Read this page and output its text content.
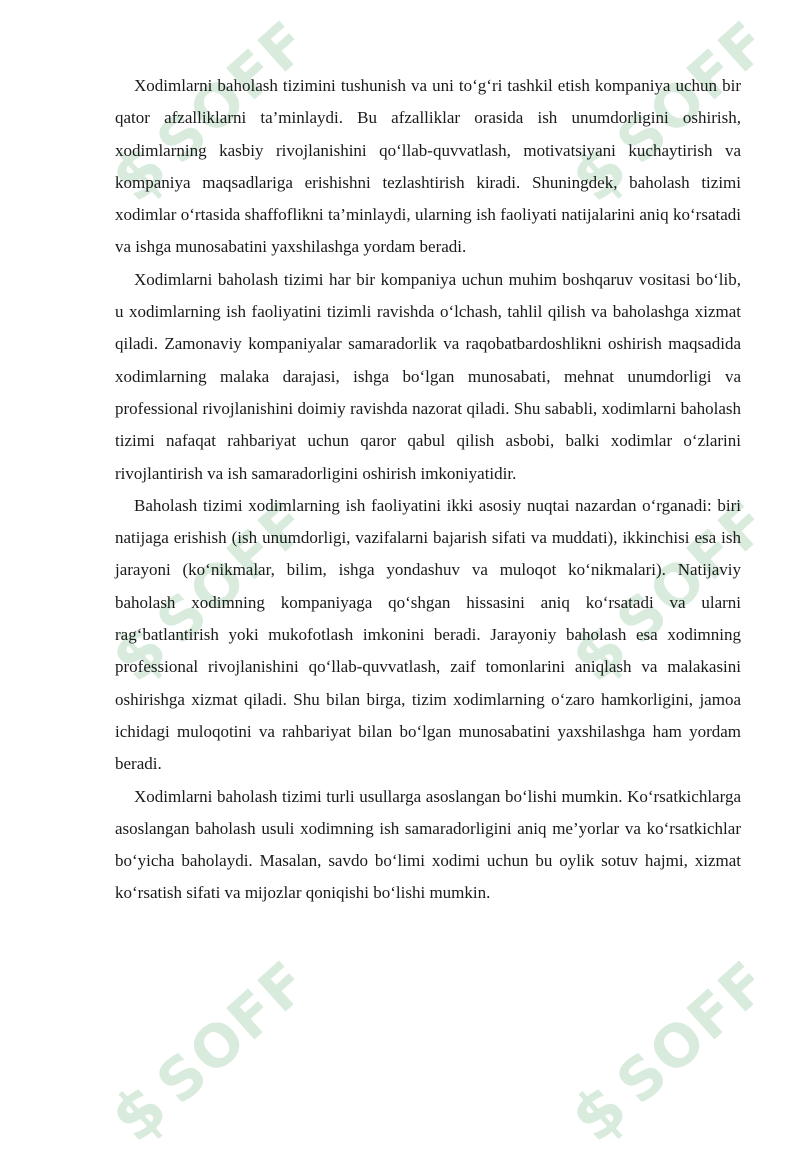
$SOFF	$SOFF
$SOFF	$SOFF
$SOFF	$SOFF

Xodimlarni baholash tizimini tushunish va uni to‘g‘ri tashkil etish kompaniya uchun bir qator afzalliklarni ta’minlaydi. Bu afzalliklar orasida ish unumdorligini oshirish, xodimlarning kasbiy rivojlanishini qo‘llab-quvvatlash, motivatsiyani kuchaytirish va kompaniya maqsadlariga erishishni tezlashtirish kiradi. Shuningdek, baholash tizimi xodimlar o‘rtasida shaffoflikni ta’minlaydi, ularning ish faoliyati natijalarini aniq ko‘rsatadi va ishga munosabatini yaxshilashga yordam beradi.

Xodimlarni baholash tizimi har bir kompaniya uchun muhim boshqaruv vositasi bo‘lib, u xodimlarning ish faoliyatini tizimli ravishda o‘lchash, tahlil qilish va baholashga xizmat qiladi. Zamonaviy kompaniyalar samaradorlik va raqobatbardoshlikni oshirish maqsadida xodimlarning malaka darajasi, ishga bo‘lgan munosabati, mehnat unumdorligi va professional rivojlanishini doimiy ravishda nazorat qiladi. Shu sababli, xodimlarni baholash tizimi nafaqat rahbariyat uchun qaror qabul qilish asbobi, balki xodimlar o‘zlarini rivojlantirish va ish samaradorligini oshirish imkoniyatidir.

Baholash tizimi xodimlarning ish faoliyatini ikki asosiy nuqtai nazardan o‘rganadi: biri natijaga erishish (ish unumdorligi, vazifalarni bajarish sifati va muddati), ikkinchisi esa ish jarayoni (ko‘nikmalar, bilim, ishga yondashuv va muloqot ko‘nikmalari). Natijaviy baholash xodimning kompaniyaga qo‘shgan hissasini aniq ko‘rsatadi va ularni rag‘batlantirish yoki mukofotlash imkonini beradi. Jarayoniy baholash esa xodimning professional rivojlanishini qo‘llab-quvvatlash, zaif tomonlarini aniqlash va malakasini oshirishga xizmat qiladi. Shu bilan birga, tizim xodimlarning o‘zaro hamkorligini, jamoa ichidagi muloqotini va rahbariyat bilan bo‘lgan munosabatini yaxshilashga ham yordam beradi.

Xodimlarni baholash tizimi turli usullarga asoslangan bo‘lishi mumkin. Ko‘rsatkichlarga asoslangan baholash usuli xodimning ish samaradorligini aniq me’yorlar va ko‘rsatkichlar bo‘yicha baholaydi. Masalan, savdo bo‘limi xodimi uchun bu oylik sotuv hajmi, xizmat ko‘rsatish sifati va mijozlar qoniqishi bo‘lishi mumkin.
